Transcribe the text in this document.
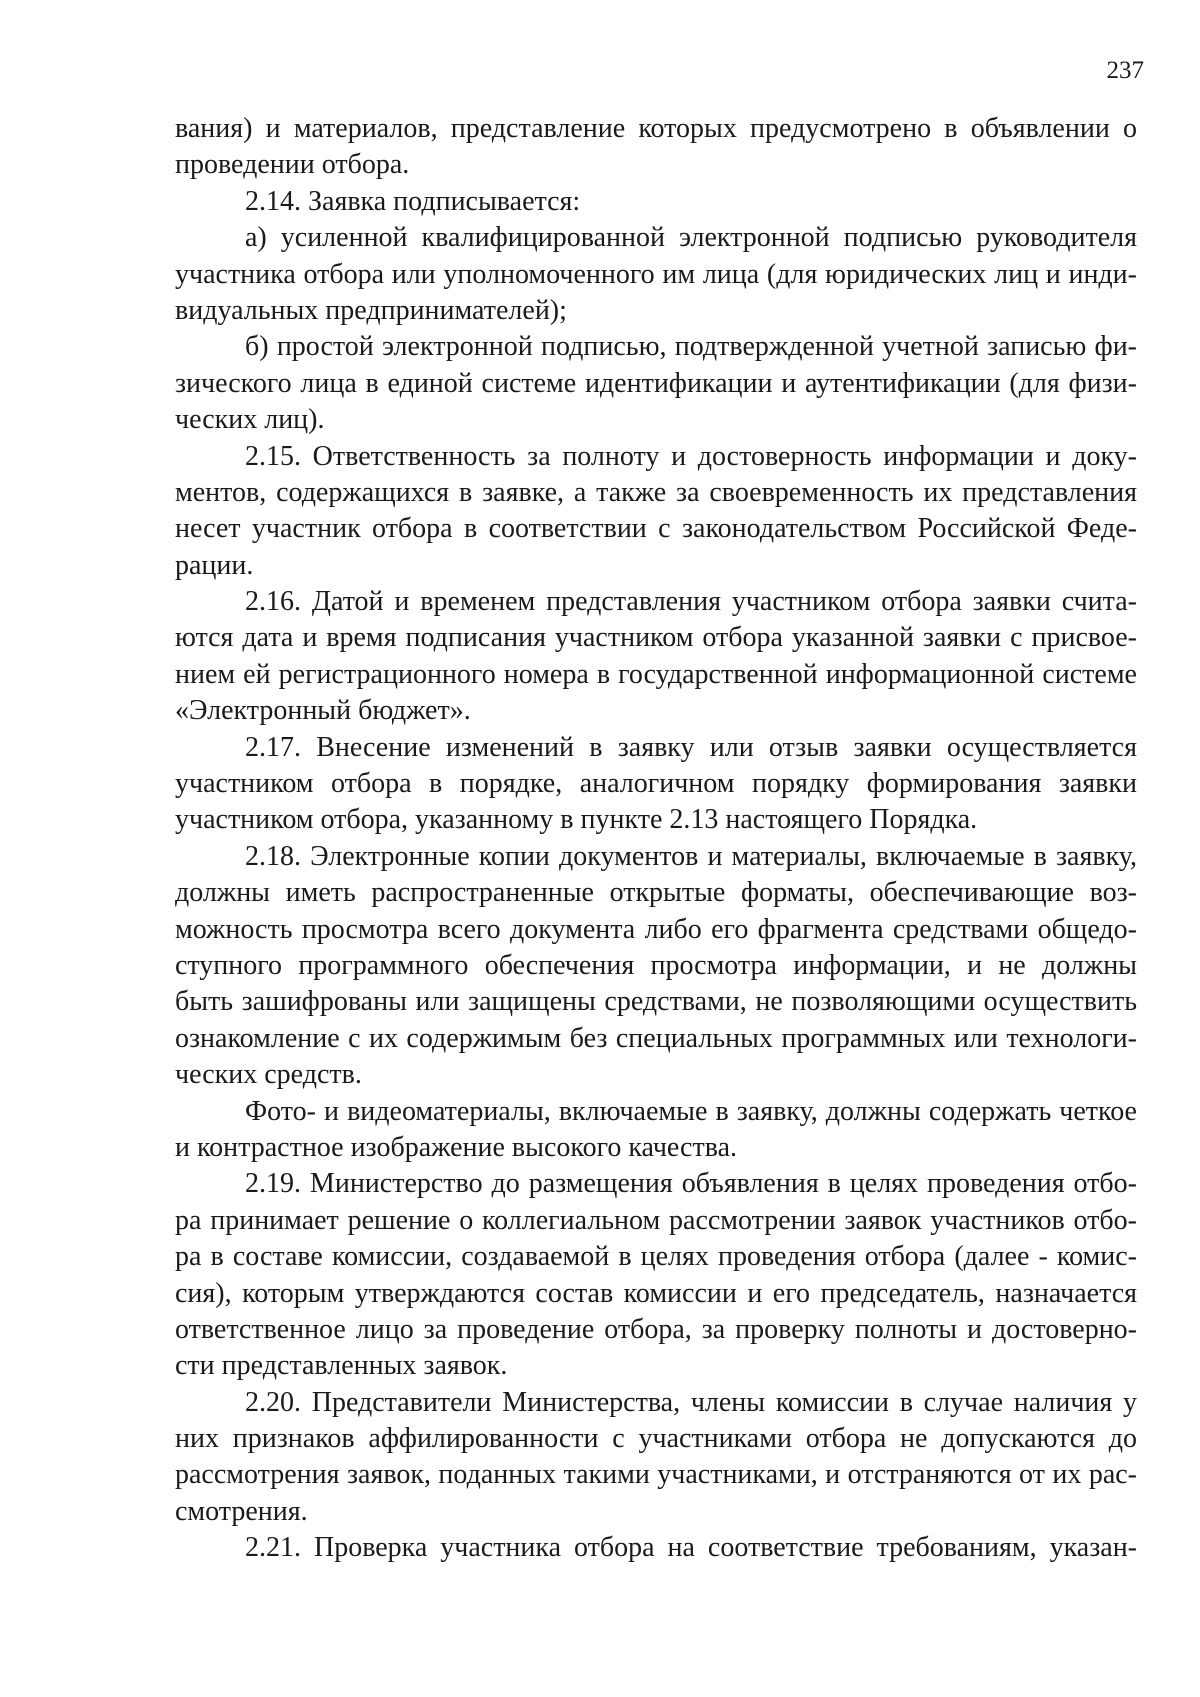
237
вания) и материалов, представление которых предусмотрено в объявлении о
проведении отбора.
2.14. Заявка подписывается:
а) усиленной квалифицированной электронной подписью руководителя
участника отбора или уполномоченного им лица (для юридических лиц и инди-
видуальных предпринимателей);
б) простой электронной подписью, подтвержденной учетной записью фи-
зического лица в единой системе идентификации и аутентификации (для физи-
ческих лиц).
2.15. Ответственность за полноту и достоверность информации и доку-
ментов, содержащихся в заявке, а также за своевременность их представления
несет участник отбора в соответствии с законодательством Российской Феде-
рации.
2.16. Датой и временем представления участником отбора заявки счита-
ются дата и время подписания участником отбора указанной заявки с присвое-
нием ей регистрационного номера в государственной информационной системе
«Электронный бюджет».
2.17. Внесение изменений в заявку или отзыв заявки осуществляется
участником отбора в порядке, аналогичном порядку формирования заявки
участником отбора, указанному в пункте 2.13 настоящего Порядка.
2.18. Электронные копии документов и материалы, включаемые в заявку,
должны иметь распространенные открытые форматы, обеспечивающие воз-
можность просмотра всего документа либо его фрагмента средствами общедо-
ступного программного обеспечения просмотра информации, и не должны
быть зашифрованы или защищены средствами, не позволяющими осуществить
ознакомление с их содержимым без специальных программных или технологи-
ческих средств.
Фото- и видеоматериалы, включаемые в заявку, должны содержать четкое
и контрастное изображение высокого качества.
2.19. Министерство до размещения объявления в целях проведения отбо-
ра принимает решение о коллегиальном рассмотрении заявок участников отбо-
ра в составе комиссии, создаваемой в целях проведения отбора (далее - комис-
сия), которым утверждаются состав комиссии и его председатель, назначается
ответственное лицо за проведение отбора, за проверку полноты и достоверно-
сти представленных заявок.
2.20. Представители Министерства, члены комиссии в случае наличия у
них признаков аффилированности с участниками отбора не допускаются до
рассмотрения заявок, поданных такими участниками, и отстраняются от их рас-
смотрения.
2.21. Проверка участника отбора на соответствие требованиям, указан-
